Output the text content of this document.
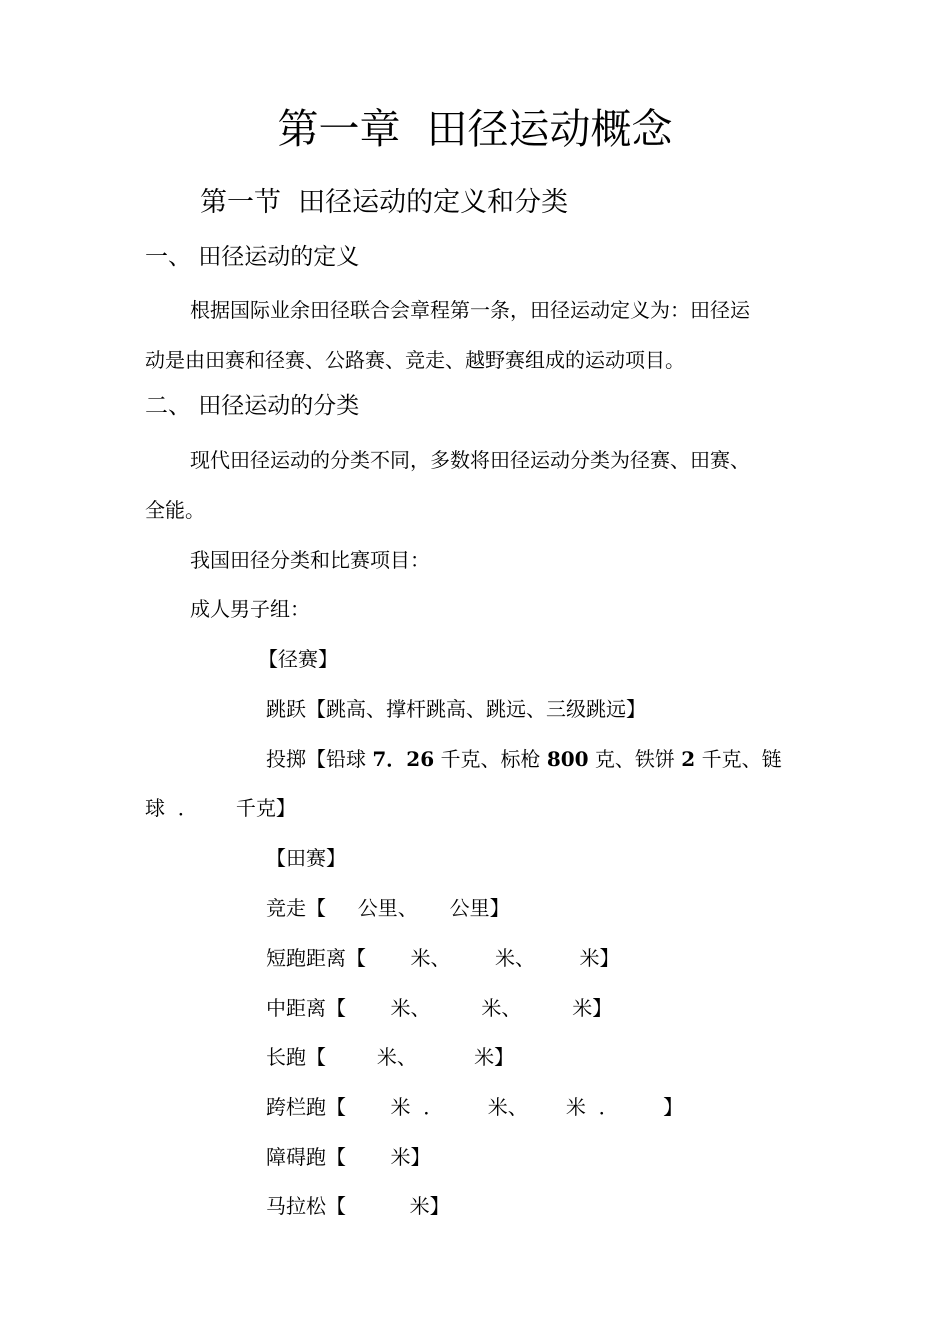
第一章  田径运动概念
第一节  田径运动的定义和分类
一、 田径运动的定义
根据国际业余田径联合会章程第一条，田径运动定义为：田径运
动是由田赛和径赛、公路赛、竞走、越野赛组成的运动项目。
二、 田径运动的分类
现代田径运动的分类不同，多数将田径运动分类为径赛、田赛、
全能。
我国田径分类和比赛项目：
成人男子组：
【径赛】
跳跃【跳高、撑杆跳高、跳远、三级跳远】
投掷【铅球 7．26 千克、标枪 800 克、铁饼 2 千克、链
球  ．      千克】
【田赛】
竞走【     公里、     公里】
短跑距离【       米、       米、       米】
中距离【       米、        米、        米】
长跑【        米、         米】
跨栏跑【       米  ．       米、      米  ．       】
障碍跑【       米】
马拉松【          米】
